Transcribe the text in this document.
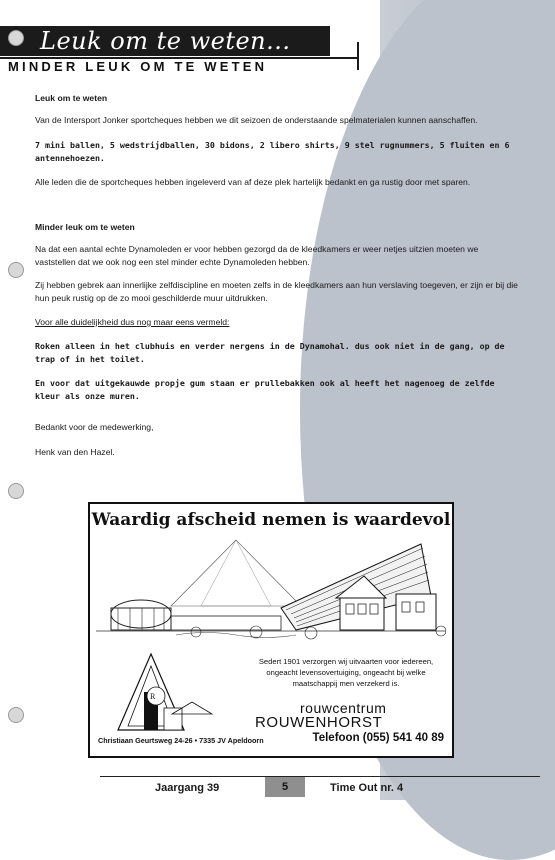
Leuk om te weten...
MINDER LEUK OM TE WETEN

Leuk om te weten

Van de Intersport Jonker sportcheques hebben we dit seizoen de onderstaande spelmaterialen kunnen aanschaffen.

7 mini ballen, 5 wedstrijdballen, 30 bidons, 2 libero shirts, 9 stel rugnummers, 5 fluiten en 6 antennehoezen.

Alle leden die de sportcheques hebben ingeleverd van af deze plek hartelijk bedankt en ga rustig door met sparen.

Minder leuk om te weten

Na dat een aantal echte Dynamoleden er voor hebben gezorgd da de kleedkamers er weer netjes uitzien moeten we vaststellen dat we ook nog een stel minder echte Dynamoleden hebben.

Zij hebben gebrek aan innerlijke zelfdiscipline en moeten zelfs in de kleedkamers aan hun verslaving toegeven, er zijn er bij die hun peuk rustig op de zo mooi geschilderde muur uitdrukken.

Voor alle duidelijkheid dus nog maar eens vermeld:

Roken alleen in het clubhuis en verder nergens in de Dynamohal. dus ook niet in de gang, op de trap of in het toilet.

En voor dat uitgekauwde propje gum staan er prullebakken ook al heeft het nagenoeg de zelfde kleur als onze muren.

Bedankt voor de medewerking,

Henk van den Hazel.

Waardig afscheid nemen is waardevol
R
Sedert 1901 verzorgen wij uitvaarten voor iedereen, ongeacht levensovertuiging, ongeacht bij welke maatschappij men verzekerd is.
rouwcentrum
ROUWENHORST
Christiaan Geurtsweg 24-26 • 7335 JV Apeldoorn	Telefoon (055) 541 40 89
Jaargang 39	5	Time Out nr. 4
